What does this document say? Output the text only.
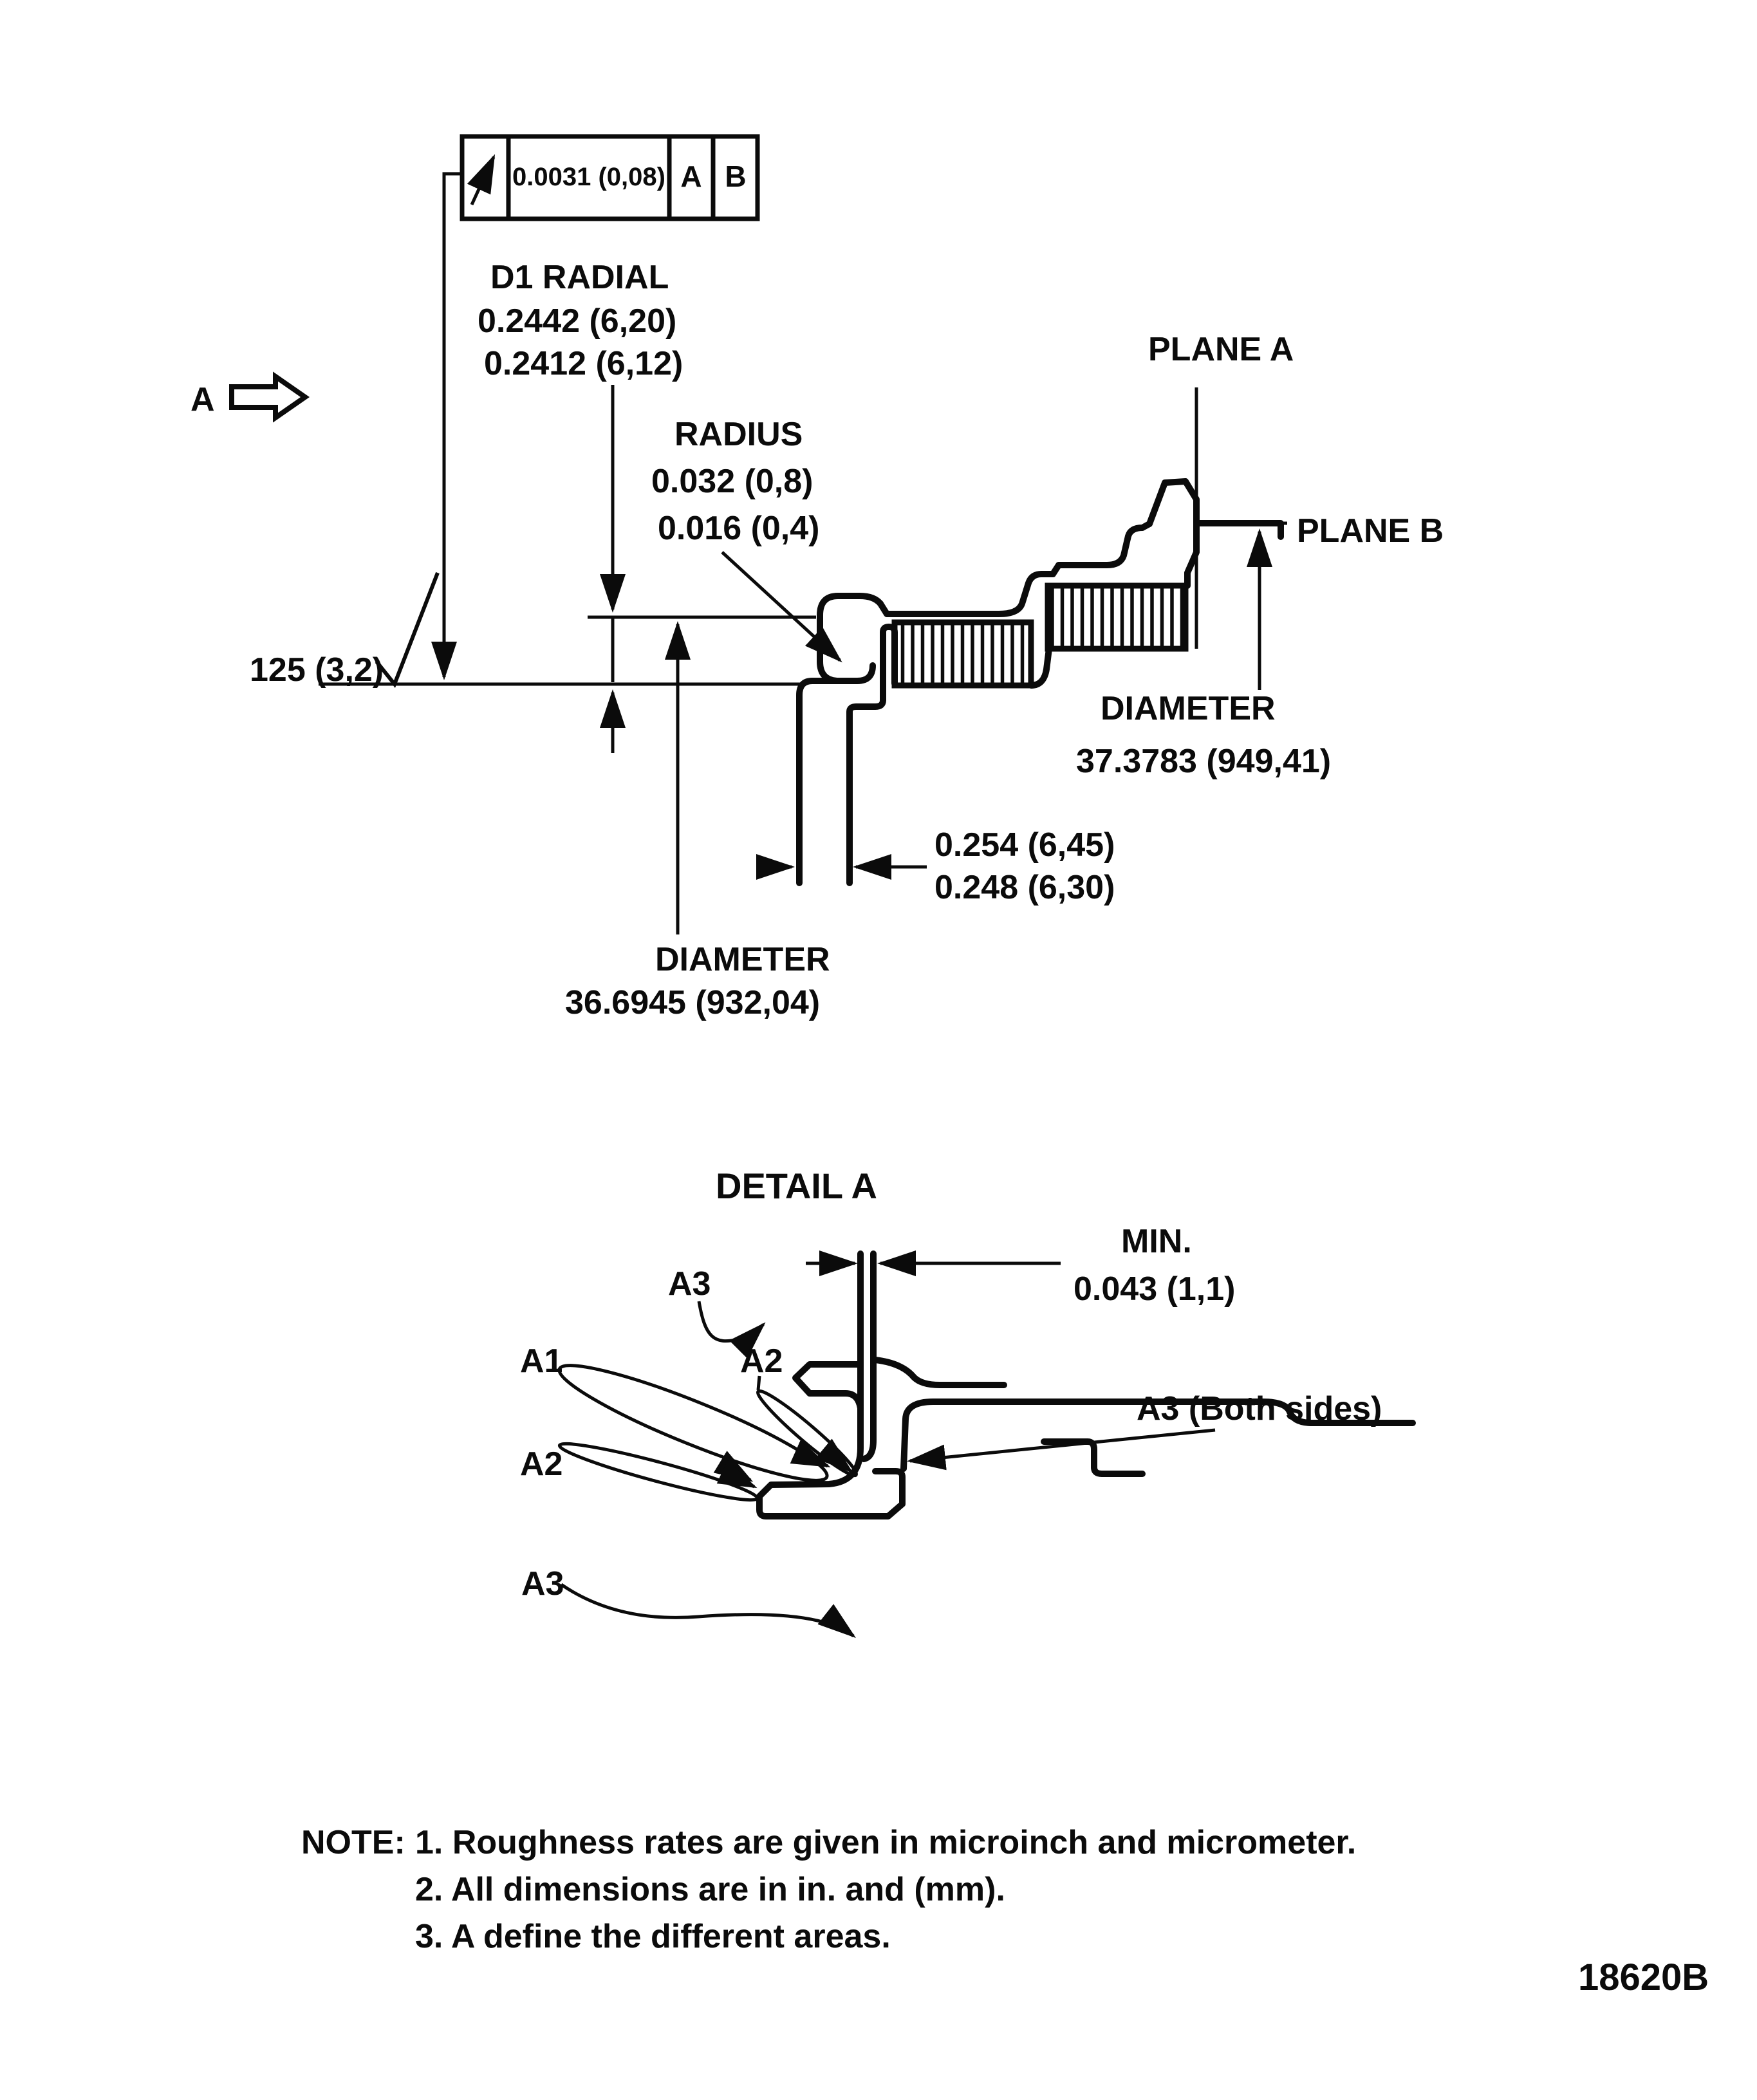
0.0031 (0,08) A B
D1 RADIAL
0.2442 (6,20)
0.2412 (6,12)
RADIUS
0.032 (0,8)
0.016 (0,4)
PLANE A
PLANE B
DIAMETER
37.3783 (949,41)
DIAMETER
36.6945 (932,04)
A
125 (3,2)
0.254 (6,45)
0.248 (6,30)
DETAIL A
MIN.
0.043 (1,1)
A3
A1	A2
A2
A3
A3 (Both sides)
NOTE: 1. Roughness rates are given in microinch and micrometer.
2. All dimensions are in in. and (mm).
3. A define the different areas.
18620B
